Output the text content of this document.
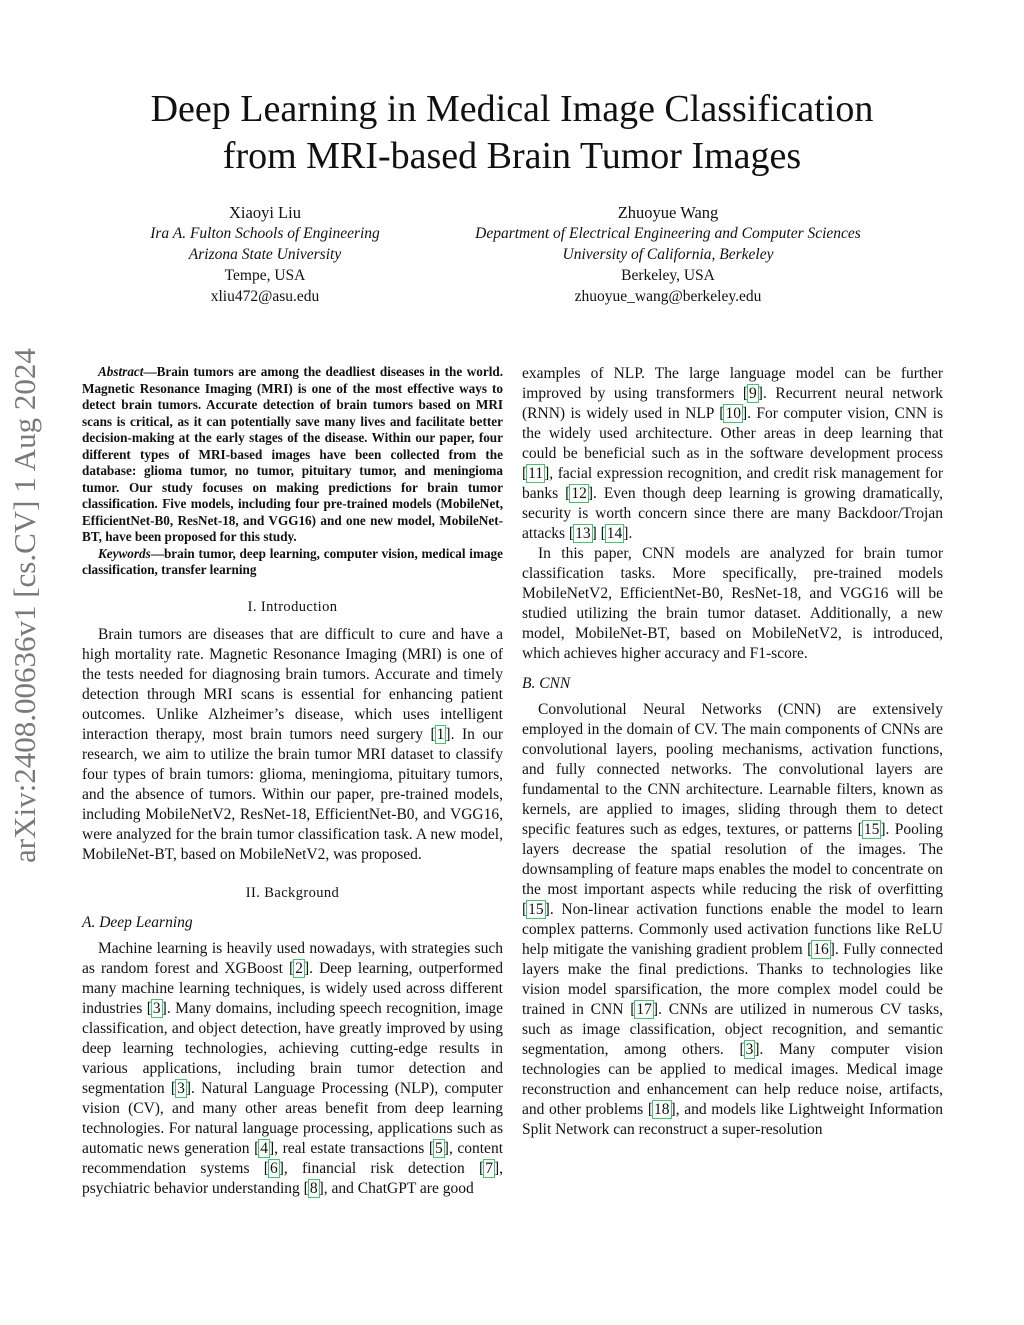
arXiv:2408.00636v1 [cs.CV] 1 Aug 2024
Deep Learning in Medical Image Classification
from MRI-based Brain Tumor Images
Xiaoyi Liu
Ira A. Fulton Schools of Engineering
Arizona State University
Tempe, USA
xliu472@asu.edu
Zhuoyue Wang
Department of Electrical Engineering and Computer Sciences
University of California, Berkeley
Berkeley, USA
zhuoyue_wang@berkeley.edu

Abstract—Brain tumors are among the deadliest diseases in the world. Magnetic Resonance Imaging (MRI) is one of the most effective ways to detect brain tumors. Accurate detection of brain tumors based on MRI scans is critical, as it can potentially save many lives and facilitate better decision-making at the early stages of the disease. Within our paper, four different types of MRI-based images have been collected from the database: glioma tumor, no tumor, pituitary tumor, and meningioma tumor. Our study focuses on making predictions for brain tumor classification. Five models, including four pre-trained models (MobileNet, EfficientNet-B0, ResNet-18, and VGG16) and one new model, MobileNet-BT, have been proposed for this study.

Keywords—brain tumor, deep learning, computer vision, medical image classification, transfer learning

I. Introduction

Brain tumors are diseases that are difficult to cure and have a high mortality rate. Magnetic Resonance Imaging (MRI) is one of the tests needed for diagnosing brain tumors. Accurate and timely detection through MRI scans is essential for enhancing patient outcomes. Unlike Alzheimer’s disease, which uses intelligent interaction therapy, most brain tumors need surgery [1]. In our research, we aim to utilize the brain tumor MRI dataset to classify four types of brain tumors: glioma, meningioma, pituitary tumors, and the absence of tumors. Within our paper, pre-trained models, including MobileNetV2, ResNet-18, EfficientNet-B0, and VGG16, were analyzed for the brain tumor classification task. A new model, MobileNet-BT, based on MobileNetV2, was proposed.

II. Background
A. Deep Learning

Machine learning is heavily used nowadays, with strategies such as random forest and XGBoost [2]. Deep learning, outperformed many machine learning techniques, is widely used across different industries [3]. Many domains, including speech recognition, image classification, and object detection, have greatly improved by using deep learning technologies, achieving cutting-edge results in various applications, including brain tumor detection and segmentation [3]. Natural Language Processing (NLP), computer vision (CV), and many other areas benefit from deep learning technologies. For natural language processing, applications such as automatic news generation [4], real estate transactions [5], content recommendation systems [6], financial risk detection [7], psychiatric behavior understanding [8], and ChatGPT are good

examples of NLP. The large language model can be further improved by using transformers [9]. Recurrent neural network (RNN) is widely used in NLP [10]. For computer vision, CNN is the widely used architecture. Other areas in deep learning that could be beneficial such as in the software development process [11], facial expression recognition, and credit risk management for banks [12]. Even though deep learning is growing dramatically, security is worth concern since there are many Backdoor/Trojan attacks [13] [14].

In this paper, CNN models are analyzed for brain tumor classification tasks. More specifically, pre-trained models MobileNetV2, EfficientNet-B0, ResNet-18, and VGG16 will be studied utilizing the brain tumor dataset. Additionally, a new model, MobileNet-BT, based on MobileNetV2, is introduced, which achieves higher accuracy and F1-score.

B. CNN

Convolutional Neural Networks (CNN) are extensively employed in the domain of CV. The main components of CNNs are convolutional layers, pooling mechanisms, activation functions, and fully connected networks. The convolutional layers are fundamental to the CNN architecture. Learnable filters, known as kernels, are applied to images, sliding through them to detect specific features such as edges, textures, or patterns [15]. Pooling layers decrease the spatial resolution of the images. The downsampling of feature maps enables the model to concentrate on the most important aspects while reducing the risk of overfitting [15]. Non-linear activation functions enable the model to learn complex patterns. Commonly used activation functions like ReLU help mitigate the vanishing gradient problem [16]. Fully connected layers make the final predictions. Thanks to technologies like vision model sparsification, the more complex model could be trained in CNN [17]. CNNs are utilized in numerous CV tasks, such as image classification, object recognition, and semantic segmentation, among others. [3]. Many computer vision technologies can be applied to medical images. Medical image reconstruction and enhancement can help reduce noise, artifacts, and other problems [18], and models like Lightweight Information Split Network can reconstruct a super-resolution
